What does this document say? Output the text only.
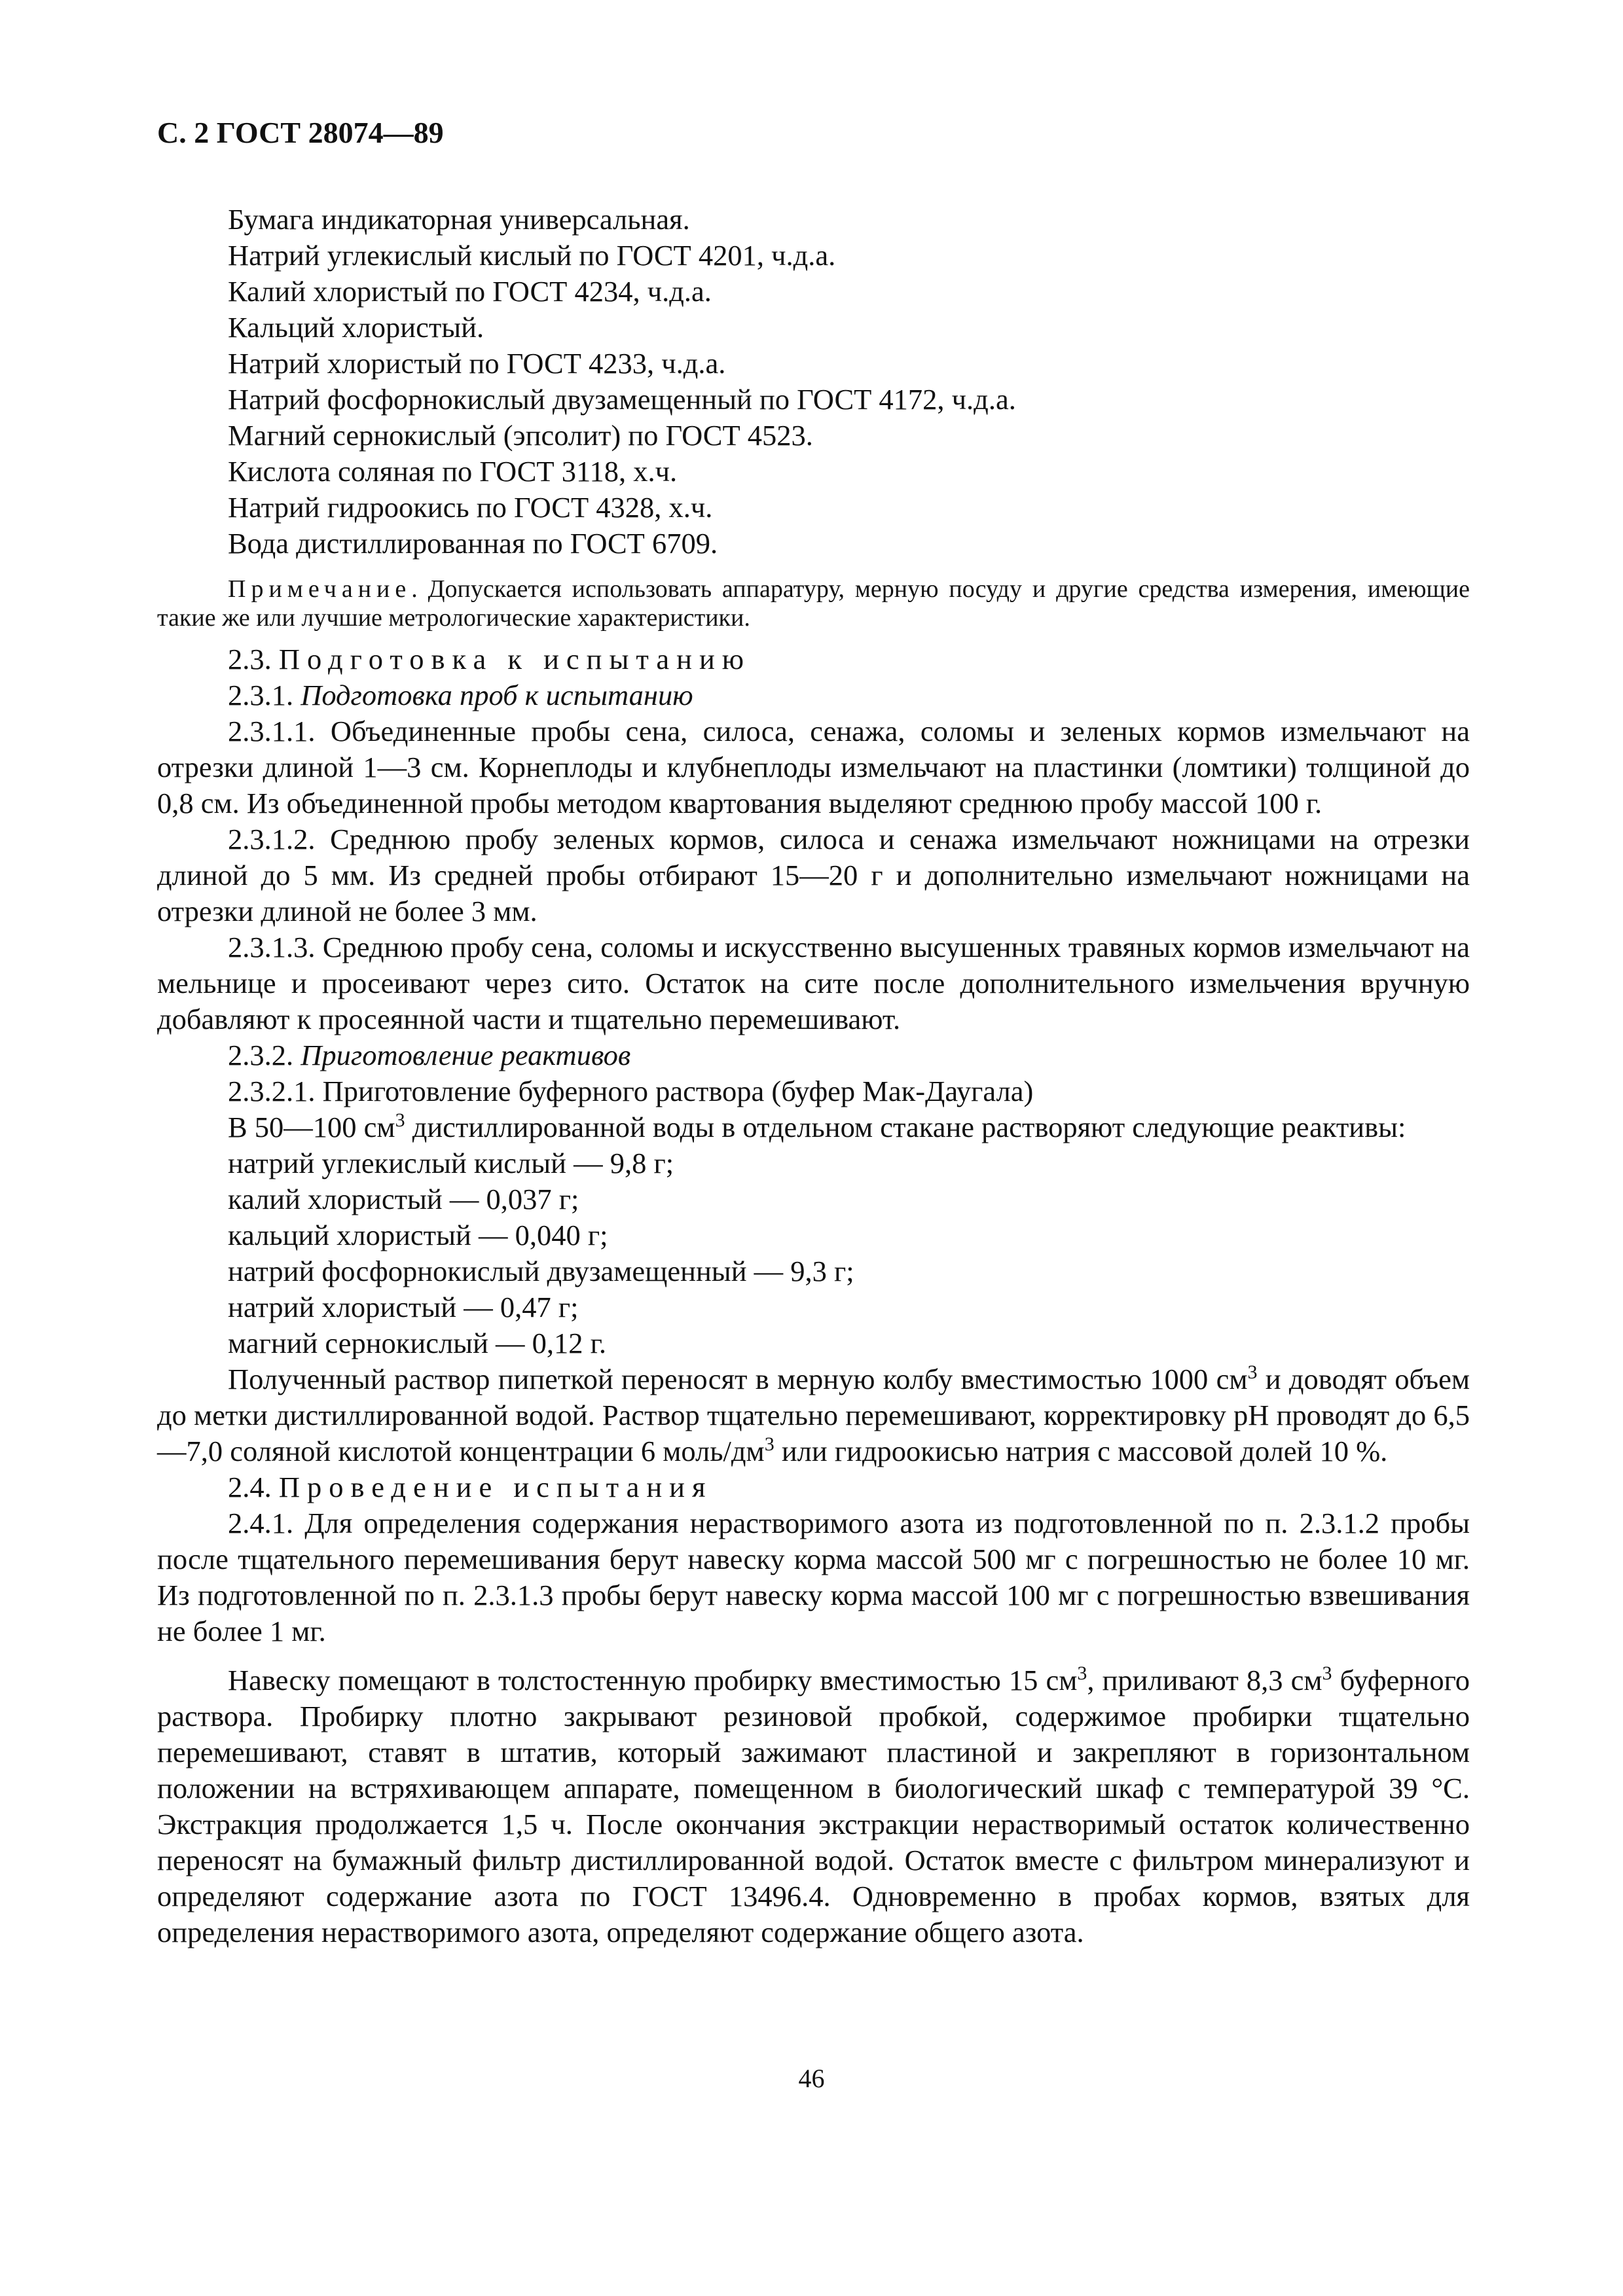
С. 2 ГОСТ 28074—89
Бумага индикаторная универсальная.
Натрий углекислый кислый по ГОСТ 4201, ч.д.а.
Калий хлористый по ГОСТ 4234, ч.д.а.
Кальций хлористый.
Натрий хлористый по ГОСТ 4233, ч.д.а.
Натрий фосфорнокислый двузамещенный по ГОСТ 4172, ч.д.а.
Магний сернокислый (эпсолит) по ГОСТ 4523.
Кислота соляная по ГОСТ 3118, х.ч.
Натрий гидроокись по ГОСТ 4328, х.ч.
Вода дистиллированная по ГОСТ 6709.
Примечание. Допускается использовать аппаратуру, мерную посуду и другие средства измерения, имеющие такие же или лучшие метрологические характеристики.
2.3. Подготовка к испытанию
2.3.1. Подготовка проб к испытанию
2.3.1.1. Объединенные пробы сена, силоса, сенажа, соломы и зеленых кормов измельчают на отрезки длиной 1—3 см. Корнеплоды и клубнеплоды измельчают на пластинки (ломтики) толщиной до 0,8 см. Из объединенной пробы методом квартования выделяют среднюю пробу массой 100 г.
2.3.1.2. Среднюю пробу зеленых кормов, силоса и сенажа измельчают ножницами на отрезки длиной до 5 мм. Из средней пробы отбирают 15—20 г и дополнительно измельчают ножницами на отрезки длиной не более 3 мм.
2.3.1.3. Среднюю пробу сена, соломы и искусственно высушенных травяных кормов измельчают на мельнице и просеивают через сито. Остаток на сите после дополнительного измельчения вручную добавляют к просеянной части и тщательно перемешивают.
2.3.2. Приготовление реактивов
2.3.2.1. Приготовление буферного раствора (буфер Мак-Даугала)
В 50—100 $см^3$ дистиллированной воды в отдельном стакане растворяют следующие реактивы:
натрий углекислый кислый — 9,8 г;
калий хлористый — 0,037 г;
кальций хлористый — 0,040 г;
натрий фосфорнокислый двузамещенный — 9,3 г;
натрий хлористый — 0,47 г;
магний сернокислый — 0,12 г.
Полученный раствор пипеткой переносят в мерную колбу вместимостью 1000 $см^3$ и доводят объем до метки дистиллированной водой. Раствор тщательно перемешивают, корректировку pH проводят до 6,5—7,0 соляной кислотой концентрации 6 моль/$дм^3$ или гидроокисью натрия с массовой долей 10 %.
2.4. Проведение испытания
2.4.1. Для определения содержания нерастворимого азота из подготовленной по п. 2.3.1.2 пробы после тщательного перемешивания берут навеску корма массой 500 мг с погрешностью не более 10 мг. Из подготовленной по п. 2.3.1.3 пробы берут навеску корма массой 100 мг с погрешностью взвешивания не более 1 мг.
Навеску помещают в толстостенную пробирку вместимостью 15 $см^3$, приливают 8,3 $см^3$ буферного раствора. Пробирку плотно закрывают резиновой пробкой, содержимое пробирки тщательно перемешивают, ставят в штатив, который зажимают пластиной и закрепляют в горизонтальном положении на встряхивающем аппарате, помещенном в биологический шкаф с температурой 39 °С. Экстракция продолжается 1,5 ч. После окончания экстракции нерастворимый остаток количественно переносят на бумажный фильтр дистиллированной водой. Остаток вместе с фильтром минерализуют и определяют содержание азота по ГОСТ 13496.4. Одновременно в пробах кормов, взятых для определения нерастворимого азота, определяют содержание общего азота.
46
